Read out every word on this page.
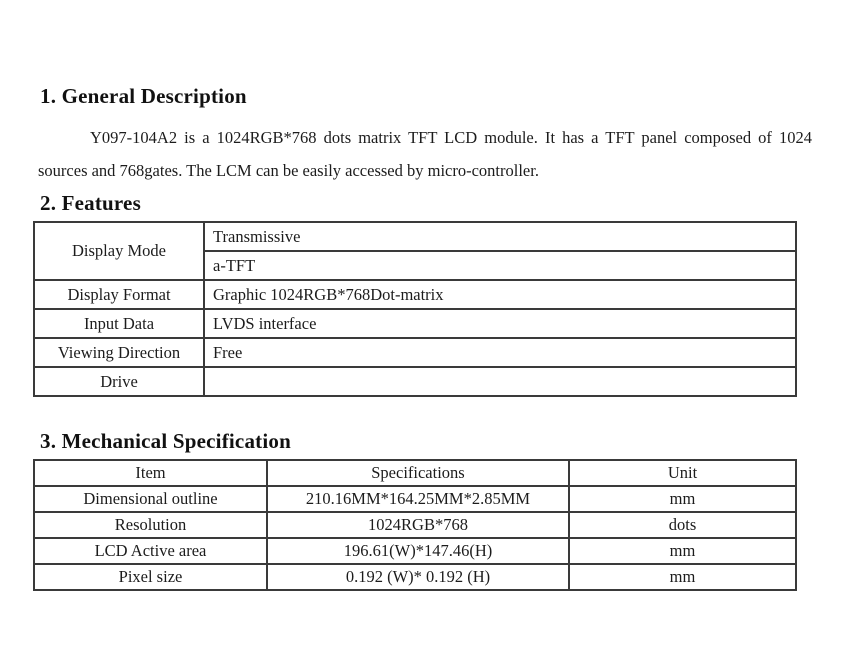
1. General Description

Y097-104A2 is a 1024RGB*768 dots matrix TFT LCD module. It has a TFT panel composed of 1024
sources and 768gates. The LCM can be easily accessed by micro-controller.

2. Features
Display Mode	Transmissive
	a-TFT
Display Format	Graphic 1024RGB*768Dot-matrix
Input Data	LVDS interface
Viewing Direction	Free
Drive	
3. Mechanical Specification
Item	Specifications	Unit
Dimensional outline	210.16MM*164.25MM*2.85MM	mm
Resolution	1024RGB*768	dots
LCD Active area	196.61(W)*147.46(H)	mm
Pixel size	0.192 (W)* 0.192 (H)	mm
